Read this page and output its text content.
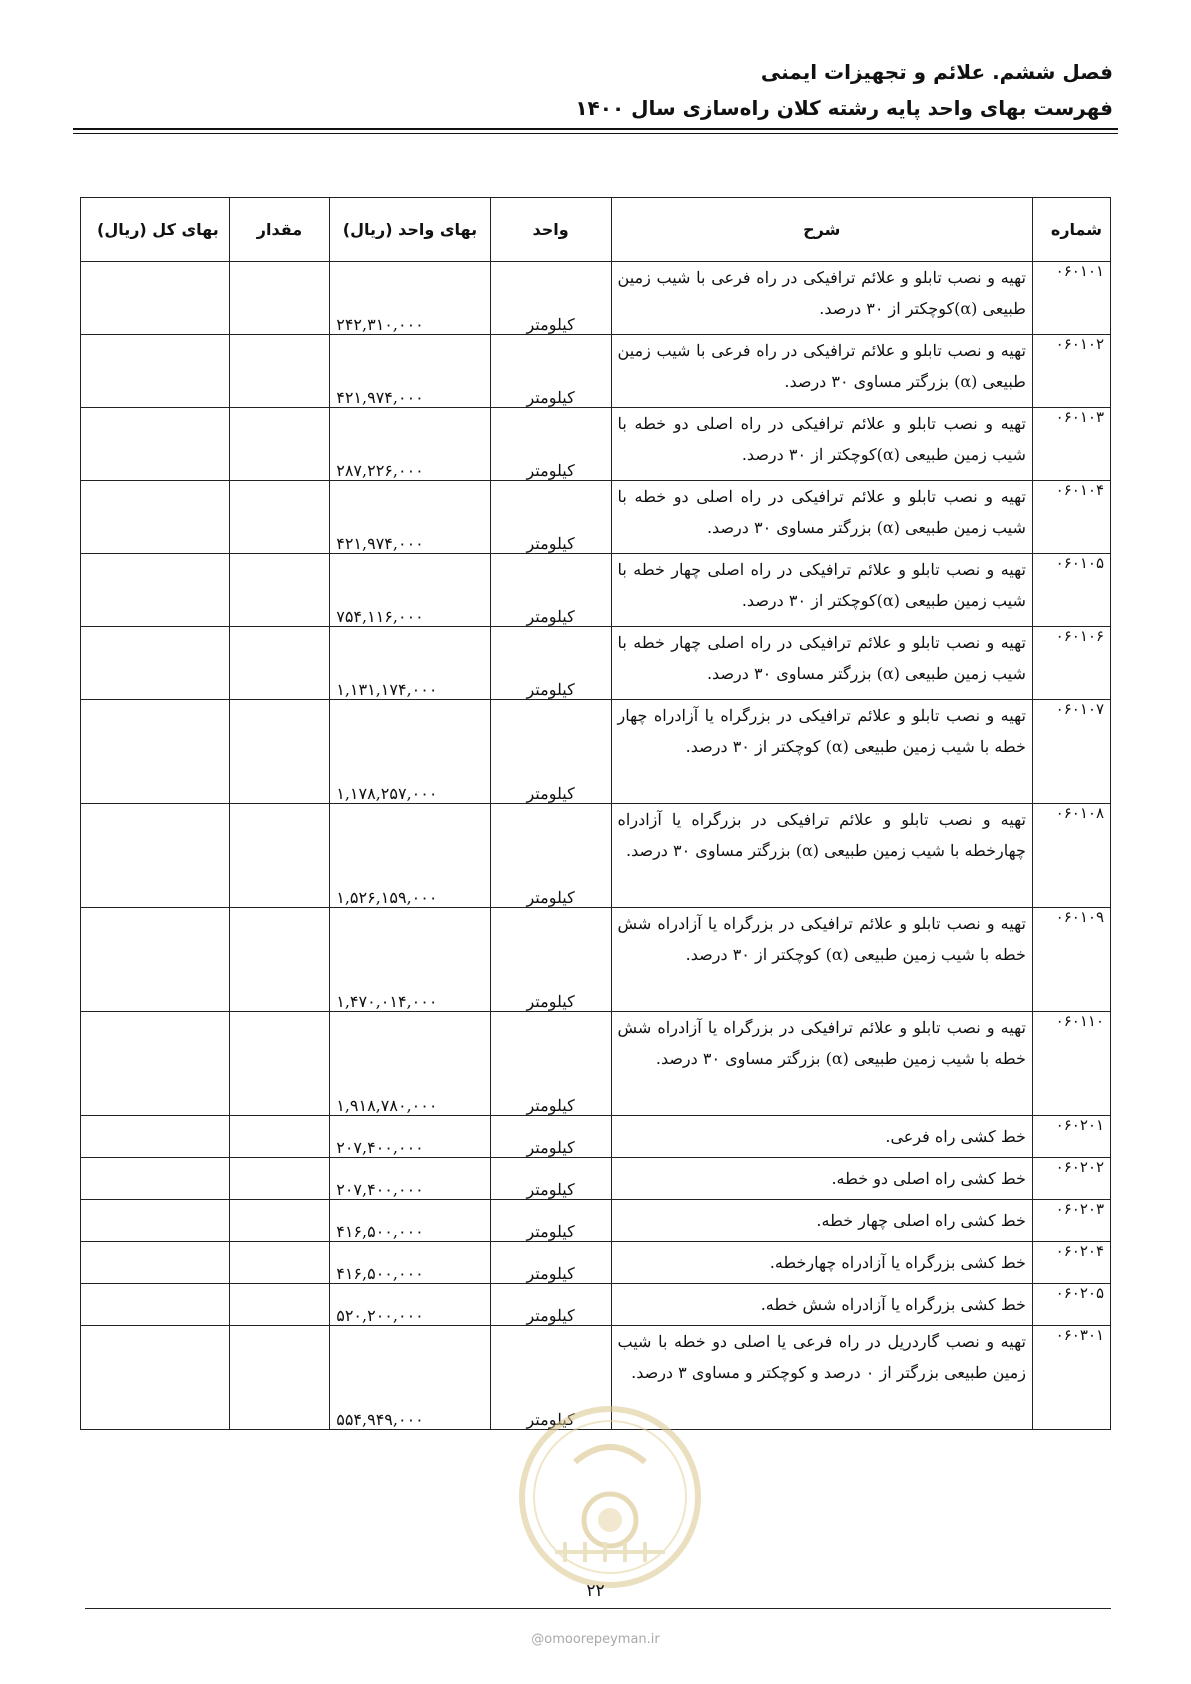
فصل ششم. علائم و تجهیزات ایمنی
فهرست بهای واحد پایه رشته کلان راه‌سازی سال ۱۴۰۰
شماره	شرح	واحد	بهای واحد (ریال)	مقدار	بهای کل (ریال)
۰۶۰۱۰۱	تهیه و نصب تابلو و علائم ترافیکی در راه فرعی با شیب زمین طبیعی (α)کوچکتر از ۳۰ درصد.	کیلومتر	۲۴۲,۳۱۰,۰۰۰		
۰۶۰۱۰۲	تهیه و نصب تابلو و علائم ترافیکی در راه فرعی با شیب زمین طبیعی (α) بزرگتر مساوی ۳۰ درصد.	کیلومتر	۴۲۱,۹۷۴,۰۰۰		
۰۶۰۱۰۳	تهیه و نصب تابلو و علائم ترافیکی در راه اصلی دو خطه با شیب زمین طبیعی (α)کوچکتر از ۳۰ درصد.	کیلومتر	۲۸۷,۲۲۶,۰۰۰		
۰۶۰۱۰۴	تهیه و نصب تابلو و علائم ترافیکی در راه اصلی دو خطه با شیب زمین طبیعی (α) بزرگتر مساوی ۳۰ درصد.	کیلومتر	۴۲۱,۹۷۴,۰۰۰		
۰۶۰۱۰۵	تهیه و نصب تابلو و علائم ترافیکی در راه اصلی چهار خطه با شیب زمین طبیعی (α)کوچکتر از ۳۰ درصد.	کیلومتر	۷۵۴,۱۱۶,۰۰۰		
۰۶۰۱۰۶	تهیه و نصب تابلو و علائم ترافیکی در راه اصلی چهار خطه با شیب زمین طبیعی (α) بزرگتر مساوی ۳۰ درصد.	کیلومتر	۱,۱۳۱,۱۷۴,۰۰۰		
۰۶۰۱۰۷	تهیه و نصب تابلو و علائم ترافیکی در بزرگراه یا آزادراه چهار خطه با شیب زمین طبیعی (α) کوچکتر از ۳۰ درصد.	کیلومتر	۱,۱۷۸,۲۵۷,۰۰۰		
۰۶۰۱۰۸	تهیه و نصب تابلو و علائم ترافیکی در بزرگراه یا آزادراه چهارخطه با شیب زمین طبیعی (α) بزرگتر مساوی ۳۰ درصد.	کیلومتر	۱,۵۲۶,۱۵۹,۰۰۰		
۰۶۰۱۰۹	تهیه و نصب تابلو و علائم ترافیکی در بزرگراه یا آزادراه شش خطه با شیب زمین طبیعی (α) کوچکتر از ۳۰ درصد.	کیلومتر	۱,۴۷۰,۰۱۴,۰۰۰		
۰۶۰۱۱۰	تهیه و نصب تابلو و علائم ترافیکی در بزرگراه یا آزادراه شش خطه با شیب زمین طبیعی (α) بزرگتر مساوی ۳۰ درصد.	کیلومتر	۱,۹۱۸,۷۸۰,۰۰۰		
۰۶۰۲۰۱	خط کشی راه فرعی.	کیلومتر	۲۰۷,۴۰۰,۰۰۰		
۰۶۰۲۰۲	خط کشی راه اصلی دو خطه.	کیلومتر	۲۰۷,۴۰۰,۰۰۰		
۰۶۰۲۰۳	خط کشی راه اصلی چهار خطه.	کیلومتر	۴۱۶,۵۰۰,۰۰۰		
۰۶۰۲۰۴	خط کشی بزرگراه یا آزادراه چهارخطه.	کیلومتر	۴۱۶,۵۰۰,۰۰۰		
۰۶۰۲۰۵	خط کشی بزرگراه یا آزادراه شش خطه.	کیلومتر	۵۲۰,۲۰۰,۰۰۰		
۰۶۰۳۰۱	تهیه و نصب گاردریل در راه فرعی یا اصلی دو خطه با شیب زمین طبیعی بزرگتر از ۰ درصد و کوچکتر و مساوی ۳ درصد.	کیلومتر	۵۵۴,۹۴۹,۰۰۰		
۲۲
@omoorepeyman.ir
